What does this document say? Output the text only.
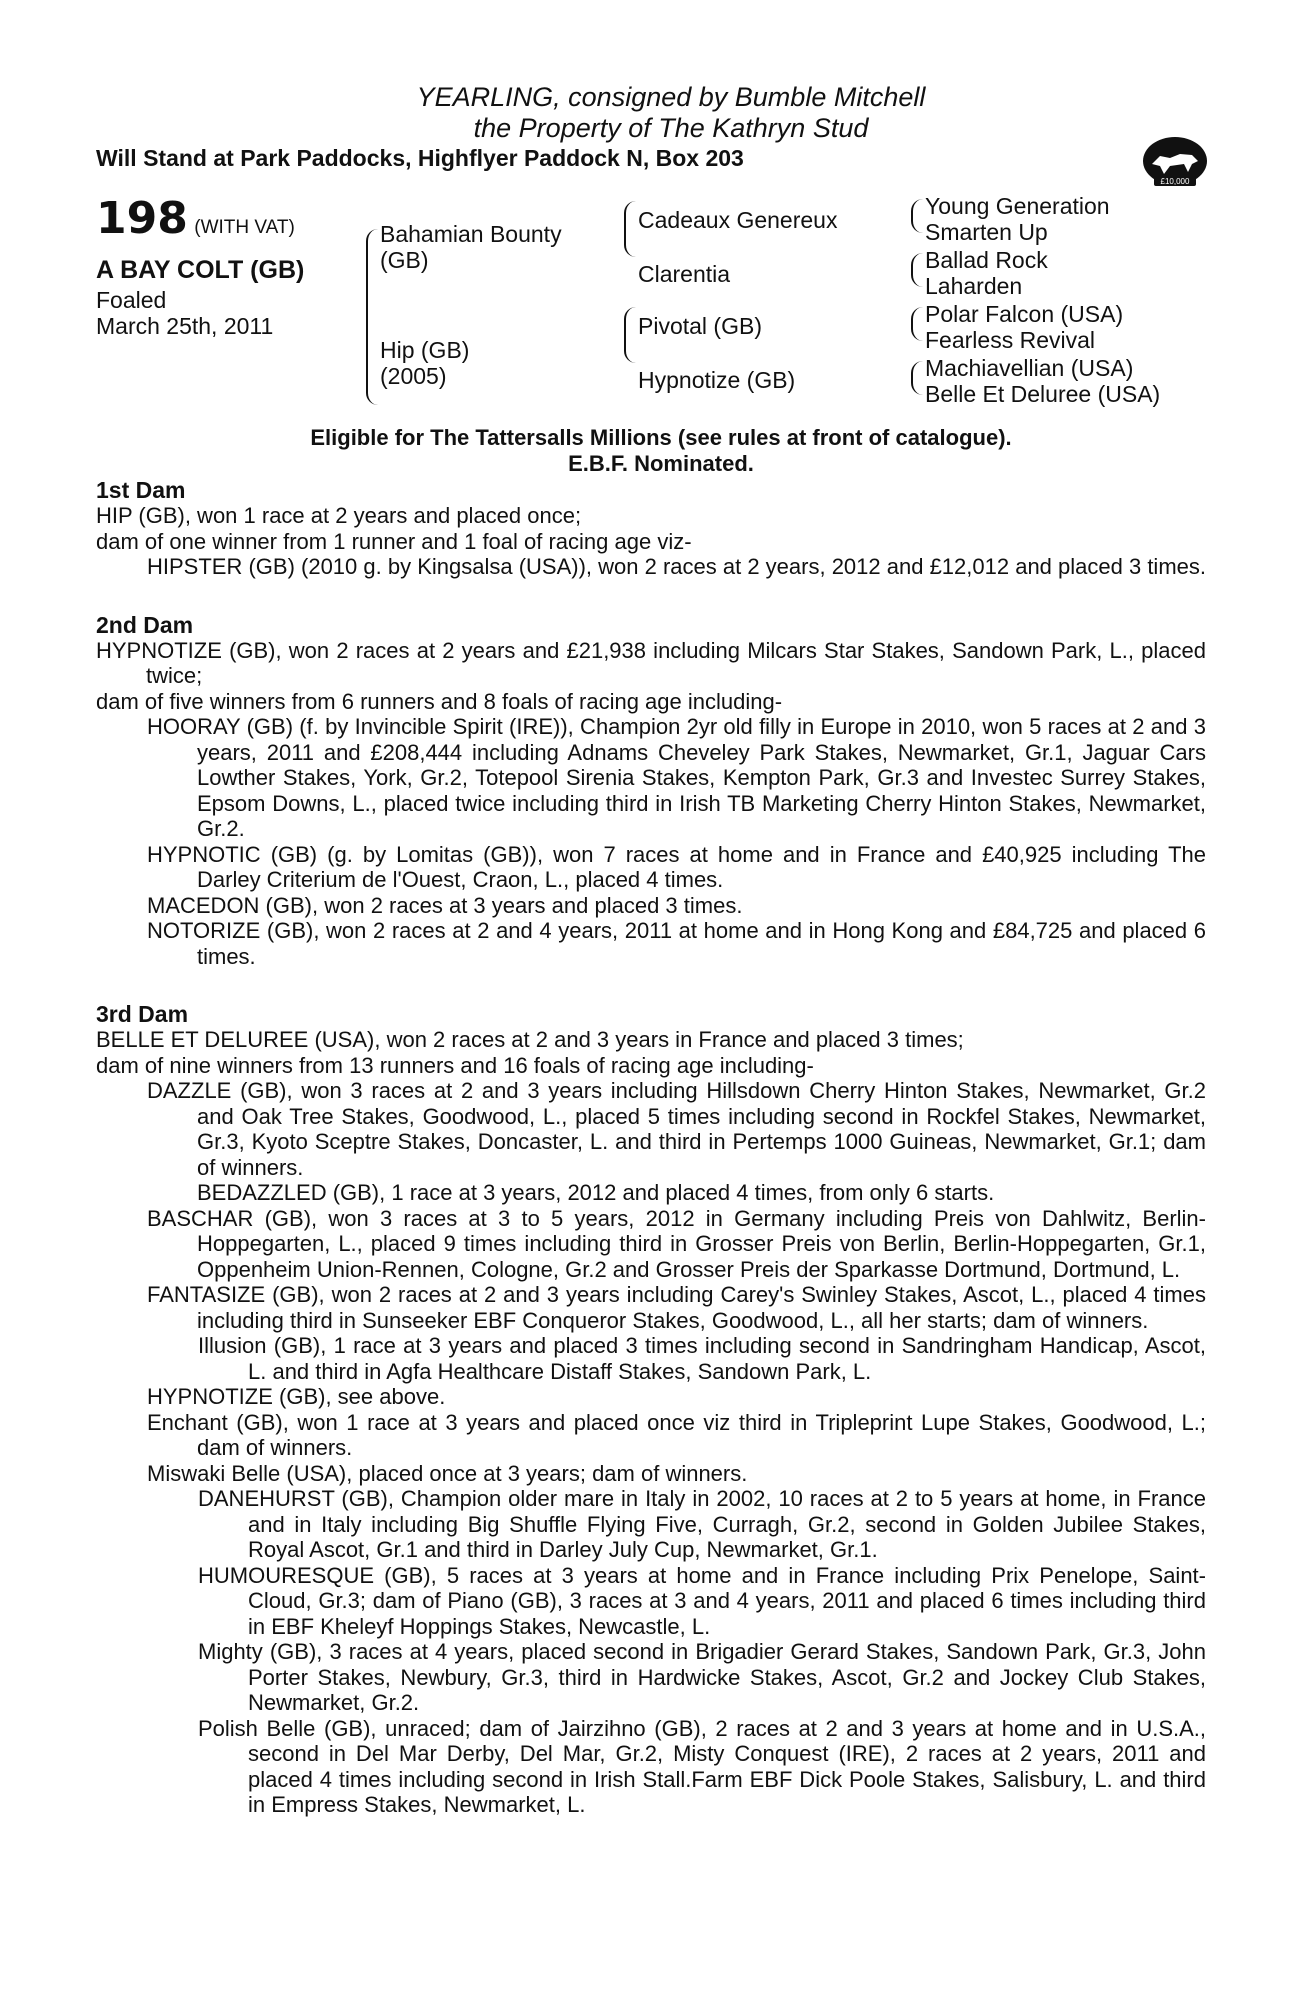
YEARLING, consigned by Bumble Mitchell
the Property of The Kathryn Stud
Will Stand at Park Paddocks, Highflyer Paddock N, Box 203
198 (WITH VAT)
A BAY COLT (GB)
Foaled
March 25th, 2011
Bahamian Bounty
(GB)
Hip (GB)
(2005)
Cadeaux Genereux
Clarentia
Pivotal (GB)
Hypnotize (GB)
Young Generation
Smarten Up
Ballad Rock
Laharden
Polar Falcon (USA)
Fearless Revival
Machiavellian (USA)
Belle Et Deluree (USA)
Eligible for The Tattersalls Millions (see rules at front of catalogue).
E.B.F. Nominated.
1st Dam
HIP (GB), won 1 race at 2 years and placed once;
dam of one winner from 1 runner and 1 foal of racing age viz-
HIPSTER (GB) (2010 g. by Kingsalsa (USA)), won 2 races at 2 years, 2012 and £12,012 and placed 3 times.
2nd Dam
HYPNOTIZE (GB), won 2 races at 2 years and £21,938 including Milcars Star Stakes, Sandown Park, L., placed twice;
dam of five winners from 6 runners and 8 foals of racing age including-
HOORAY (GB) (f. by Invincible Spirit (IRE)), Champion 2yr old filly in Europe in 2010, won 5 races at 2 and 3 years, 2011 and £208,444 including Adnams Cheveley Park Stakes, Newmarket, Gr.1, Jaguar Cars Lowther Stakes, York, Gr.2, Totepool Sirenia Stakes, Kempton Park, Gr.3 and Investec Surrey Stakes, Epsom Downs, L., placed twice including third in Irish TB Marketing Cherry Hinton Stakes, Newmarket, Gr.2.
HYPNOTIC (GB) (g. by Lomitas (GB)), won 7 races at home and in France and £40,925 including The Darley Criterium de l'Ouest, Craon, L., placed 4 times.
MACEDON (GB), won 2 races at 3 years and placed 3 times.
NOTORIZE (GB), won 2 races at 2 and 4 years, 2011 at home and in Hong Kong and £84,725 and placed 6 times.
3rd Dam
BELLE ET DELUREE (USA), won 2 races at 2 and 3 years in France and placed 3 times;
dam of nine winners from 13 runners and 16 foals of racing age including-
DAZZLE (GB), won 3 races at 2 and 3 years including Hillsdown Cherry Hinton Stakes, Newmarket, Gr.2 and Oak Tree Stakes, Goodwood, L., placed 5 times including second in Rockfel Stakes, Newmarket, Gr.3, Kyoto Sceptre Stakes, Doncaster, L. and third in Pertemps 1000 Guineas, Newmarket, Gr.1; dam of winners.
BEDAZZLED (GB), 1 race at 3 years, 2012 and placed 4 times, from only 6 starts.
BASCHAR (GB), won 3 races at 3 to 5 years, 2012 in Germany including Preis von Dahlwitz, Berlin-Hoppegarten, L., placed 9 times including third in Grosser Preis von Berlin, Berlin-Hoppegarten, Gr.1, Oppenheim Union-Rennen, Cologne, Gr.2 and Grosser Preis der Sparkasse Dortmund, Dortmund, L.
FANTASIZE (GB), won 2 races at 2 and 3 years including Carey's Swinley Stakes, Ascot, L., placed 4 times including third in Sunseeker EBF Conqueror Stakes, Goodwood, L., all her starts; dam of winners.
Illusion (GB), 1 race at 3 years and placed 3 times including second in Sandringham Handicap, Ascot, L. and third in Agfa Healthcare Distaff Stakes, Sandown Park, L.
HYPNOTIZE (GB), see above.
Enchant (GB), won 1 race at 3 years and placed once viz third in Tripleprint Lupe Stakes, Goodwood, L.; dam of winners.
Miswaki Belle (USA), placed once at 3 years; dam of winners.
DANEHURST (GB), Champion older mare in Italy in 2002, 10 races at 2 to 5 years at home, in France and in Italy including Big Shuffle Flying Five, Curragh, Gr.2, second in Golden Jubilee Stakes, Royal Ascot, Gr.1 and third in Darley July Cup, Newmarket, Gr.1.
HUMOURESQUE (GB), 5 races at 3 years at home and in France including Prix Penelope, Saint-Cloud, Gr.3; dam of Piano (GB), 3 races at 3 and 4 years, 2011 and placed 6 times including third in EBF Kheleyf Hoppings Stakes, Newcastle, L.
Mighty (GB), 3 races at 4 years, placed second in Brigadier Gerard Stakes, Sandown Park, Gr.3, John Porter Stakes, Newbury, Gr.3, third in Hardwicke Stakes, Ascot, Gr.2 and Jockey Club Stakes, Newmarket, Gr.2.
Polish Belle (GB), unraced; dam of Jairzihno (GB), 2 races at 2 and 3 years at home and in U.S.A., second in Del Mar Derby, Del Mar, Gr.2, Misty Conquest (IRE), 2 races at 2 years, 2011 and placed 4 times including second in Irish Stall.Farm EBF Dick Poole Stakes, Salisbury, L. and third in Empress Stakes, Newmarket, L.
£10,000
